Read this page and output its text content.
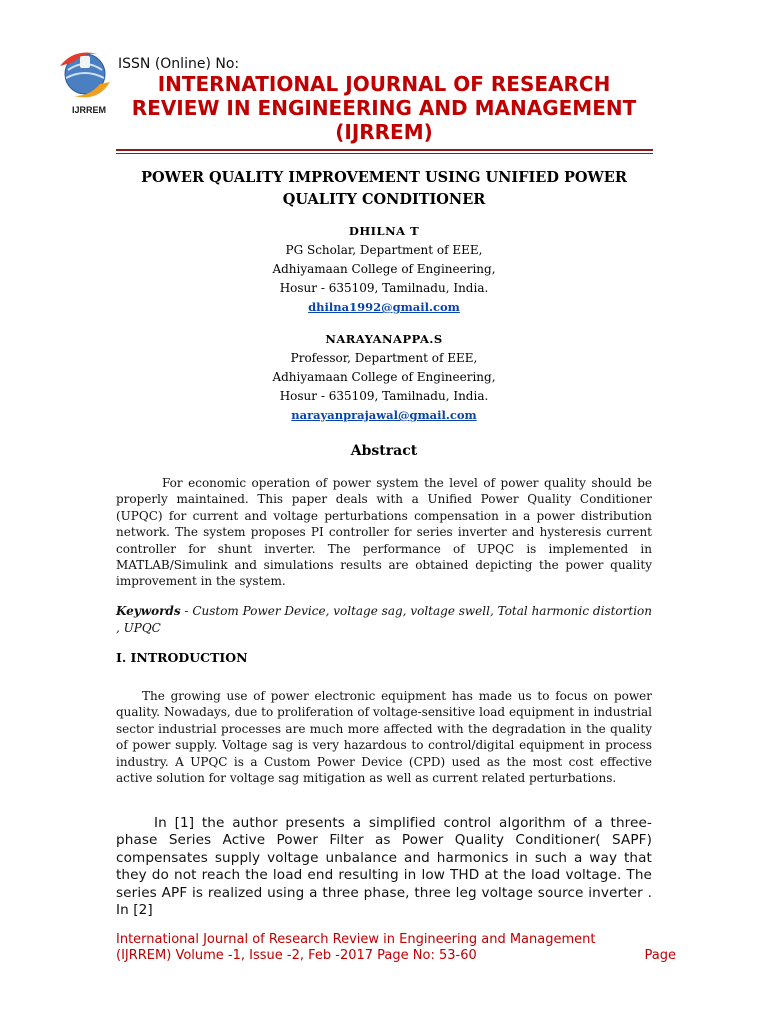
IJRREM
ISSN (Online) No:
INTERNATIONAL JOURNAL OF RESEARCH REVIEW IN ENGINEERING AND MANAGEMENT (IJRREM)
POWER QUALITY IMPROVEMENT USING UNIFIED POWER QUALITY CONDITIONER
DHILNA T
PG Scholar, Department of EEE,
Adhiyamaan College of Engineering,
Hosur - 635109, Tamilnadu, India.
dhilna1992@gmail.com
NARAYANAPPA.S
Professor, Department of EEE,
Adhiyamaan College of Engineering,
Hosur - 635109, Tamilnadu, India.
narayanprajawal@gmail.com
Abstract
For economic operation of power system the level of power quality should be properly maintained. This paper deals with a Unified Power Quality Conditioner (UPQC) for current and voltage perturbations compensation in a power distribution network. The system proposes PI controller for series inverter and hysteresis current controller for shunt inverter. The performance of UPQC is implemented in MATLAB/Simulink and simulations results are obtained depicting the power quality improvement in the system.
Keywords - Custom Power Device, voltage sag, voltage swell, Total harmonic distortion , UPQC
I. INTRODUCTION
The growing use of power electronic equipment has made us to focus on power quality. Nowadays, due to proliferation of voltage-sensitive load equipment in industrial sector industrial processes are much more affected with the degradation in the quality of power supply. Voltage sag is very hazardous to control/digital equipment in process industry. A UPQC is a Custom Power Device (CPD) used as the most cost effective active solution for voltage sag mitigation as well as current related perturbations.
In [1] the author presents a simplified control algorithm of a three-phase Series Active Power Filter as Power Quality Conditioner( SAPF) compensates supply voltage unbalance and harmonics in such a way that they do not reach the load end resulting in low THD at the load voltage. The series APF is realized using a three phase, three leg voltage source inverter . In [2]
International Journal of Research Review in Engineering and Management
(IJRREM) Volume -1, Issue -2, Feb -2017 Page No: 53-60	Page
